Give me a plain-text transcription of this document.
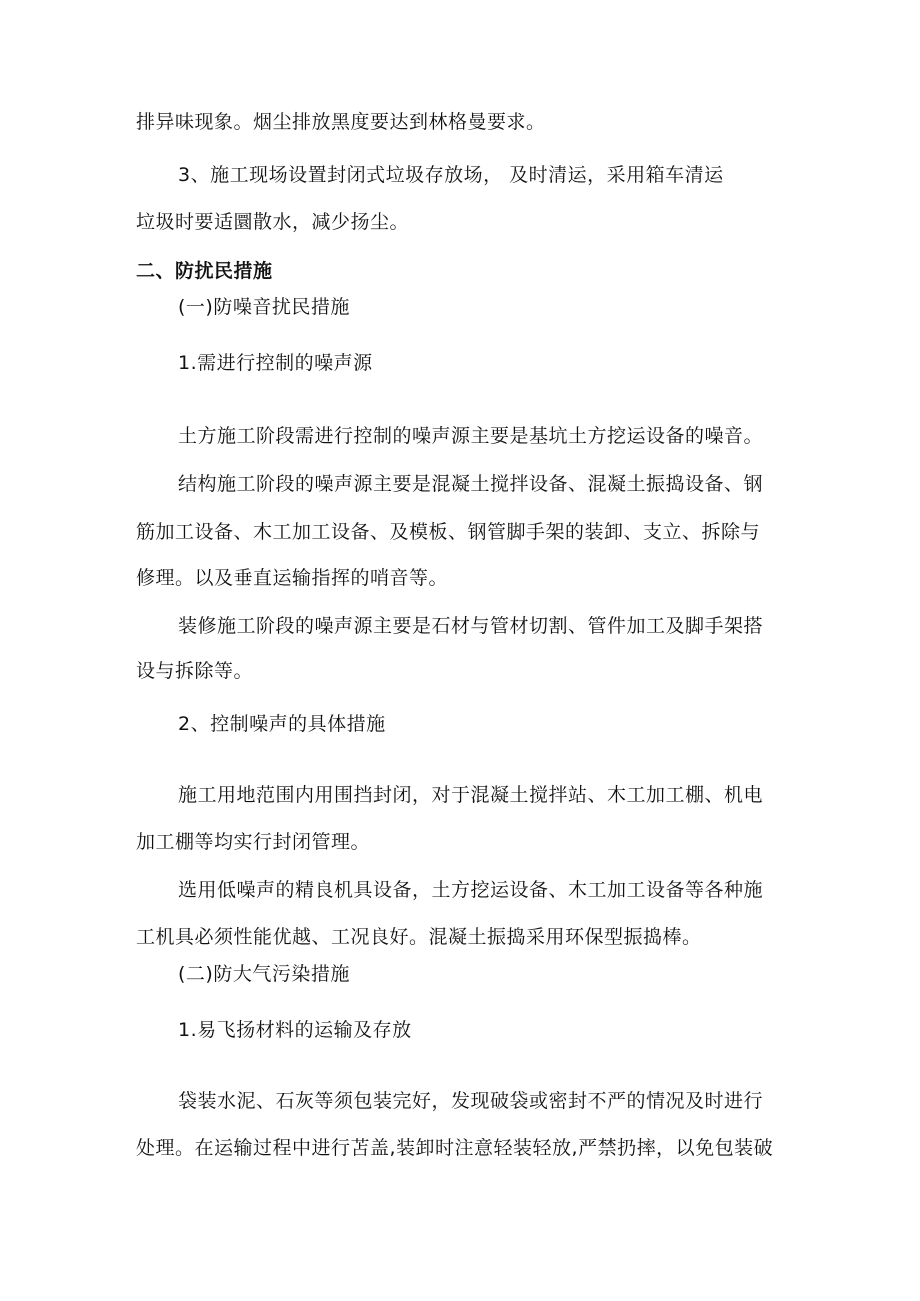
排异味现象。烟尘排放黑度要达到林格曼要求。
3、施工现场设置封闭式垃圾存放场， 及时清运，采用箱车清运
垃圾时要适圜散水，减少扬尘。
二、防扰民措施
(一)防噪音扰民措施
1.需进行控制的噪声源
土方施工阶段需进行控制的噪声源主要是基坑土方挖运设备的噪音。
结构施工阶段的噪声源主要是混凝土搅拌设备、混凝土振捣设备、钢
筋加工设备、木工加工设备、及模板、钢管脚手架的装卸、支立、拆除与
修理。以及垂直运输指挥的哨音等。
装修施工阶段的噪声源主要是石材与管材切割、管件加工及脚手架搭
设与拆除等。
2、控制噪声的具体措施
施工用地范围内用围挡封闭，对于混凝土搅拌站、木工加工棚、机电
加工棚等均实行封闭管理。
选用低噪声的精良机具设备，土方挖运设备、木工加工设备等各种施
工机具必须性能优越、工况良好。混凝土振捣采用环保型振捣棒。
(二)防大气污染措施
1.易飞扬材料的运输及存放
袋装水泥、石灰等须包装完好，发现破袋或密封不严的情况及时进行
处理。在运输过程中进行苫盖,装卸时注意轻装轻放,严禁扔摔，以免包装破
